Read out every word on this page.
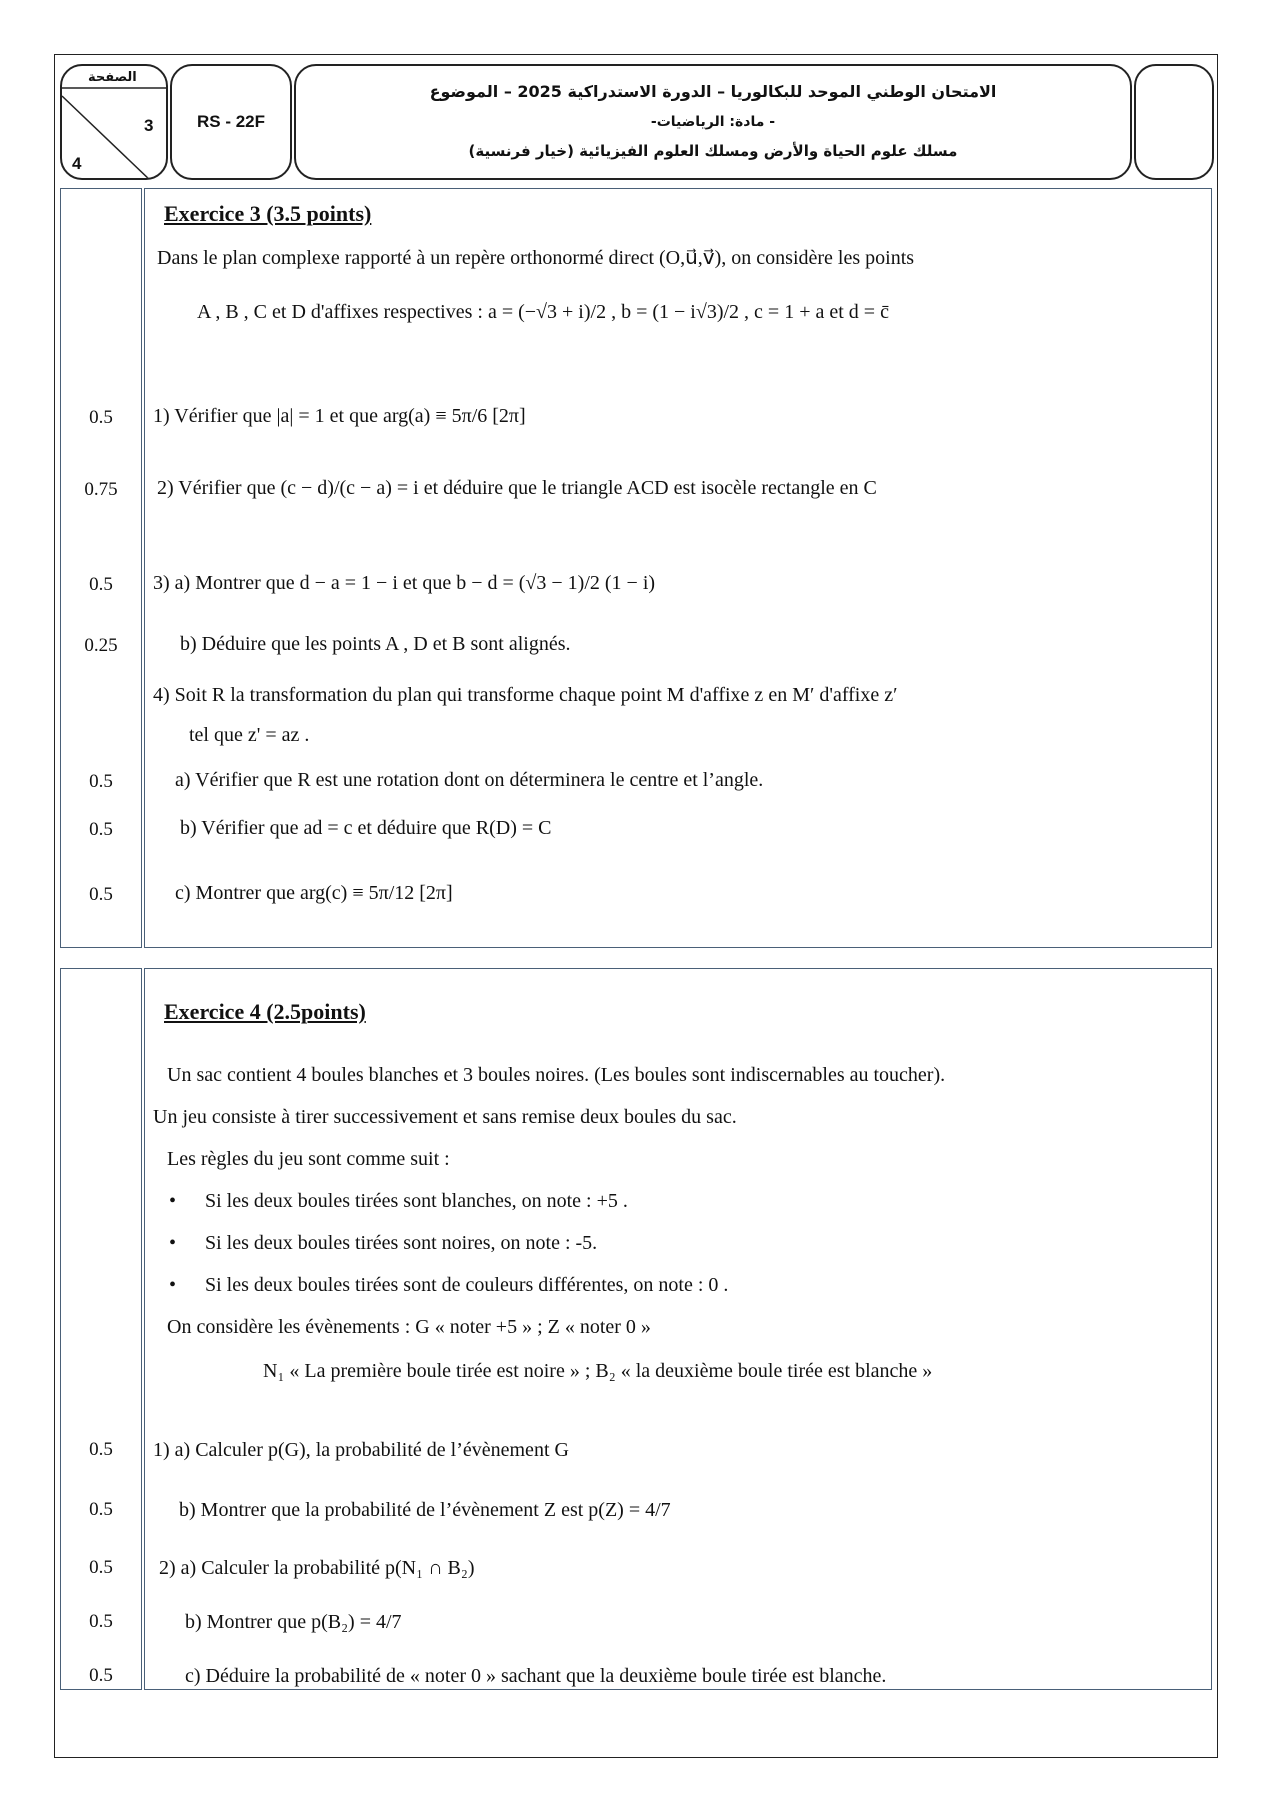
الصفحة
3
4
RS - 22F
الامتحان الوطني الموحد للبكالوريا – الدورة الاستدراكية 2025 – الموضوع
- مادة: الرياضيات-
مسلك علوم الحياة والأرض ومسلك العلوم الفيزيائية (خيار فرنسية)
0.5
0.75
0.5
0.25
0.5
0.5
0.5
Exercice 3 (3.5 points)
Dans le plan complexe rapporté à un repère orthonormé direct (O,u⃗,v⃗), on considère les points
A , B , C et D d'affixes respectives : a = (−√3 + i)/2 , b = (1 − i√3)/2 , c = 1 + a et d = c̄
1) Vérifier que |a| = 1 et que arg(a) ≡ 5π/6 [2π]
2) Vérifier que (c − d)/(c − a) = i et déduire que le triangle ACD est isocèle rectangle en C
3) a) Montrer que d − a = 1 − i et que b − d = (√3 − 1)/2 (1 − i)
b) Déduire que les points A , D et B sont alignés.
4) Soit R la transformation du plan qui transforme chaque point M d'affixe z en M′ d'affixe z′
tel que z' = az .
a) Vérifier que R est une rotation dont on déterminera le centre et l’angle.
b) Vérifier que ad = c et déduire que R(D) = C
c) Montrer que arg(c) ≡ 5π/12 [2π]
0.5
0.5
0.5
0.5
0.5
Exercice 4 (2.5points)
Un sac contient 4 boules blanches et 3 boules noires. (Les boules sont indiscernables au toucher).
Un jeu consiste à tirer successivement et sans remise deux boules du sac.
Les règles du jeu sont comme suit :
• Si les deux boules tirées sont blanches, on note : +5 .
• Si les deux boules tirées sont noires, on note : -5.
• Si les deux boules tirées sont de couleurs différentes, on note : 0 .
On considère les évènements : G « noter +5 » ; Z « noter 0 »
N₁ « La première boule tirée est noire » ; B₂ « la deuxième boule tirée est blanche »
1) a) Calculer p(G), la probabilité de l’évènement G
b) Montrer que la probabilité de l’évènement Z est p(Z) = 4/7
2) a) Calculer la probabilité p(N₁ ∩ B₂)
b) Montrer que p(B₂) = 4/7
c) Déduire la probabilité de « noter 0 » sachant que la deuxième boule tirée est blanche.
